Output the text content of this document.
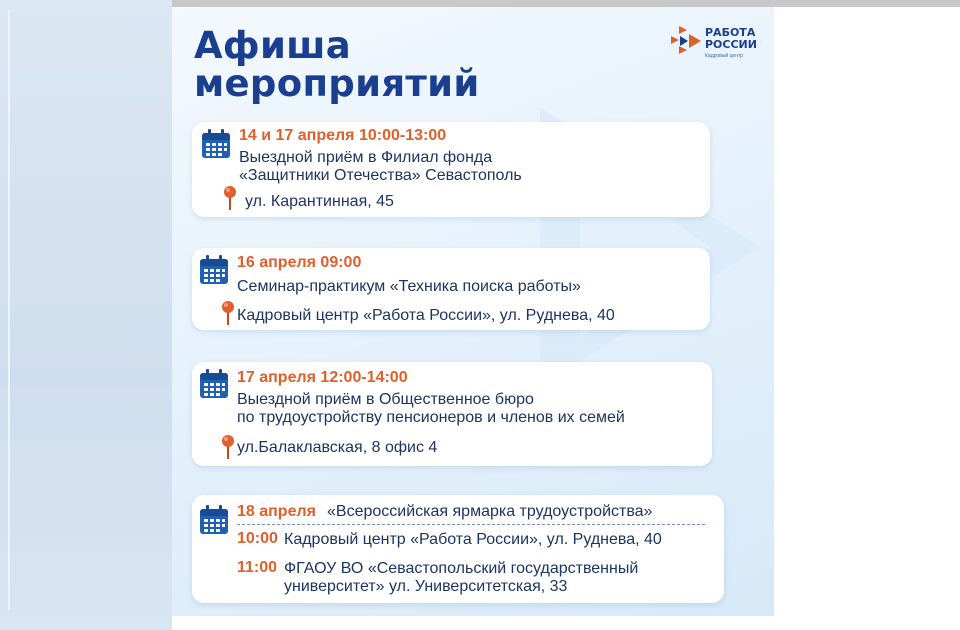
Афиша
мероприятий
РАБОТА
РОССИИ
Кадровый центр
14 и 17 апреля 10:00-13:00
Выездной приём в Филиал фонда
«Защитники Отечества» Севастополь
ул. Карантинная, 45
16 апреля 09:00
Семинар-практикум «Техника поиска работы»
Кадровый центр «Работа России», ул. Руднева, 40
17 апреля 12:00-14:00
Выездной приём в Общественное бюро
по трудоустройству пенсионеров и членов их семей
ул.Балаклавская, 8 офис 4
18 апреля «Всероссийская ярмарка трудоустройства»
10:00 Кадровый центр «Работа России», ул. Руднева, 40
11:00 ФГАОУ ВО «Севастопольский государственный
университет» ул. Университетская, 33
